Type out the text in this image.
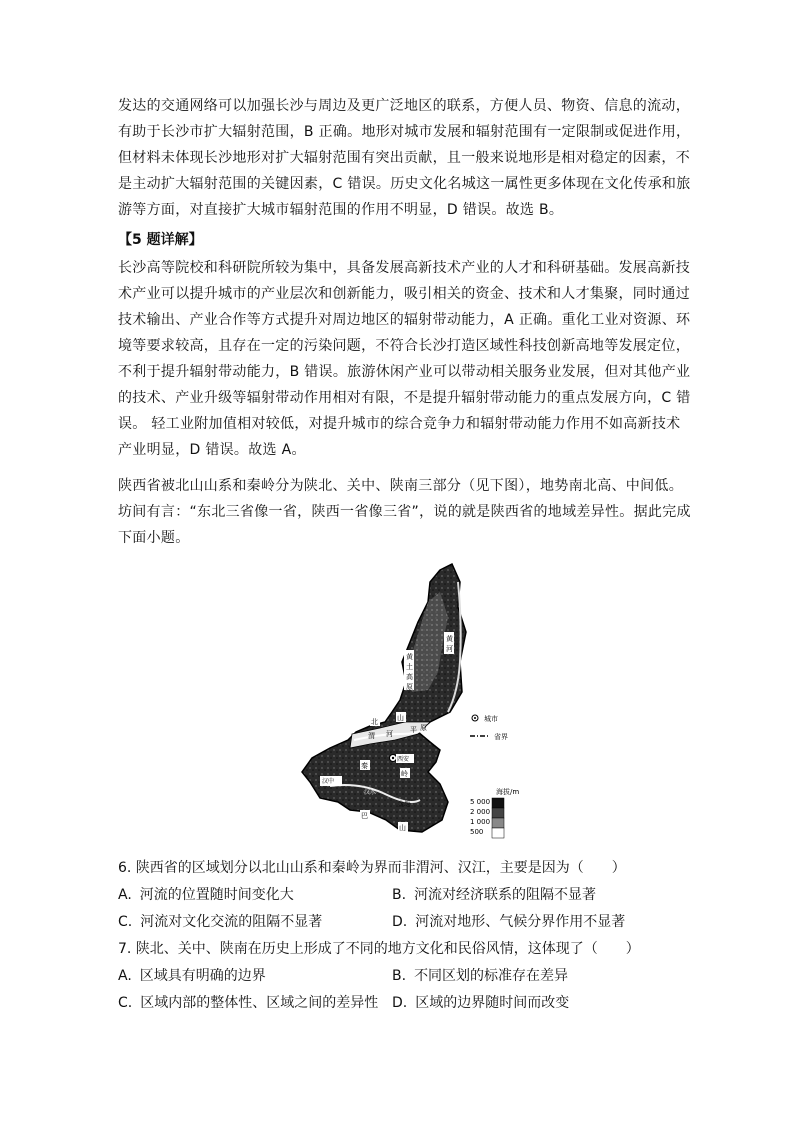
发达的交通网络可以加强长沙与周边及更广泛地区的联系，方便人员、物资、信息的流动，
有助于长沙市扩大辐射范围，B 正确。地形对城市发展和辐射范围有一定限制或促进作用，
但材料未体现长沙地形对扩大辐射范围有突出贡献，且一般来说地形是相对稳定的因素，不
是主动扩大辐射范围的关键因素，C 错误。历史文化名城这一属性更多体现在文化传承和旅
游等方面，对直接扩大城市辐射范围的作用不明显，D 错误。故选 B。
【5 题详解】
长沙高等院校和科研院所较为集中，具备发展高新技术产业的人才和科研基础。发展高新技
术产业可以提升城市的产业层次和创新能力，吸引相关的资金、技术和人才集聚，同时通过
技术输出、产业合作等方式提升对周边地区的辐射带动能力，A 正确。重化工业对资源、环
境等要求较高，且存在一定的污染问题，不符合长沙打造区域性科技创新高地等发展定位，
不利于提升辐射带动能力，B 错误。旅游休闲产业可以带动相关服务业发展，但对其他产业
的技术、产业升级等辐射带动作用相对有限，不是提升辐射带动能力的重点发展方向，C 错
误。 轻工业附加值相对较低，对提升城市的综合竞争力和辐射带动能力作用不如高新技术
产业明显，D 错误。故选 A。
陕西省被北山山系和秦岭分为陕北、关中、陕南三部分（见下图），地势南北高、中间低。
坊间有言：“东北三省像一省，陕西一省像三省”，说的就是陕西省的地域差异性。据此完成
下面小题。
黄
土
高
原
黄
河
北	山
渭 河 平 原
西安
秦
岭
汉中
汉水
盆地
巴
山
城市
省界
海拔/m
5 000
2 000
1 000
500
6. 陕西省的区域划分以北山山系和秦岭为界而非渭河、汉江，主要是因为（　　）
A. 河流的位置随时间变化大	B. 河流对经济联系的阻隔不显著
C. 河流对文化交流的阻隔不显著	D. 河流对地形、气候分界作用不显著
7. 陕北、关中、陕南在历史上形成了不同的地方文化和民俗风情，这体现了（　　）
A. 区域具有明确的边界	B. 不同区划的标准存在差异
C. 区域内部的整体性、区域之间的差异性 D. 区域的边界随时间而改变
